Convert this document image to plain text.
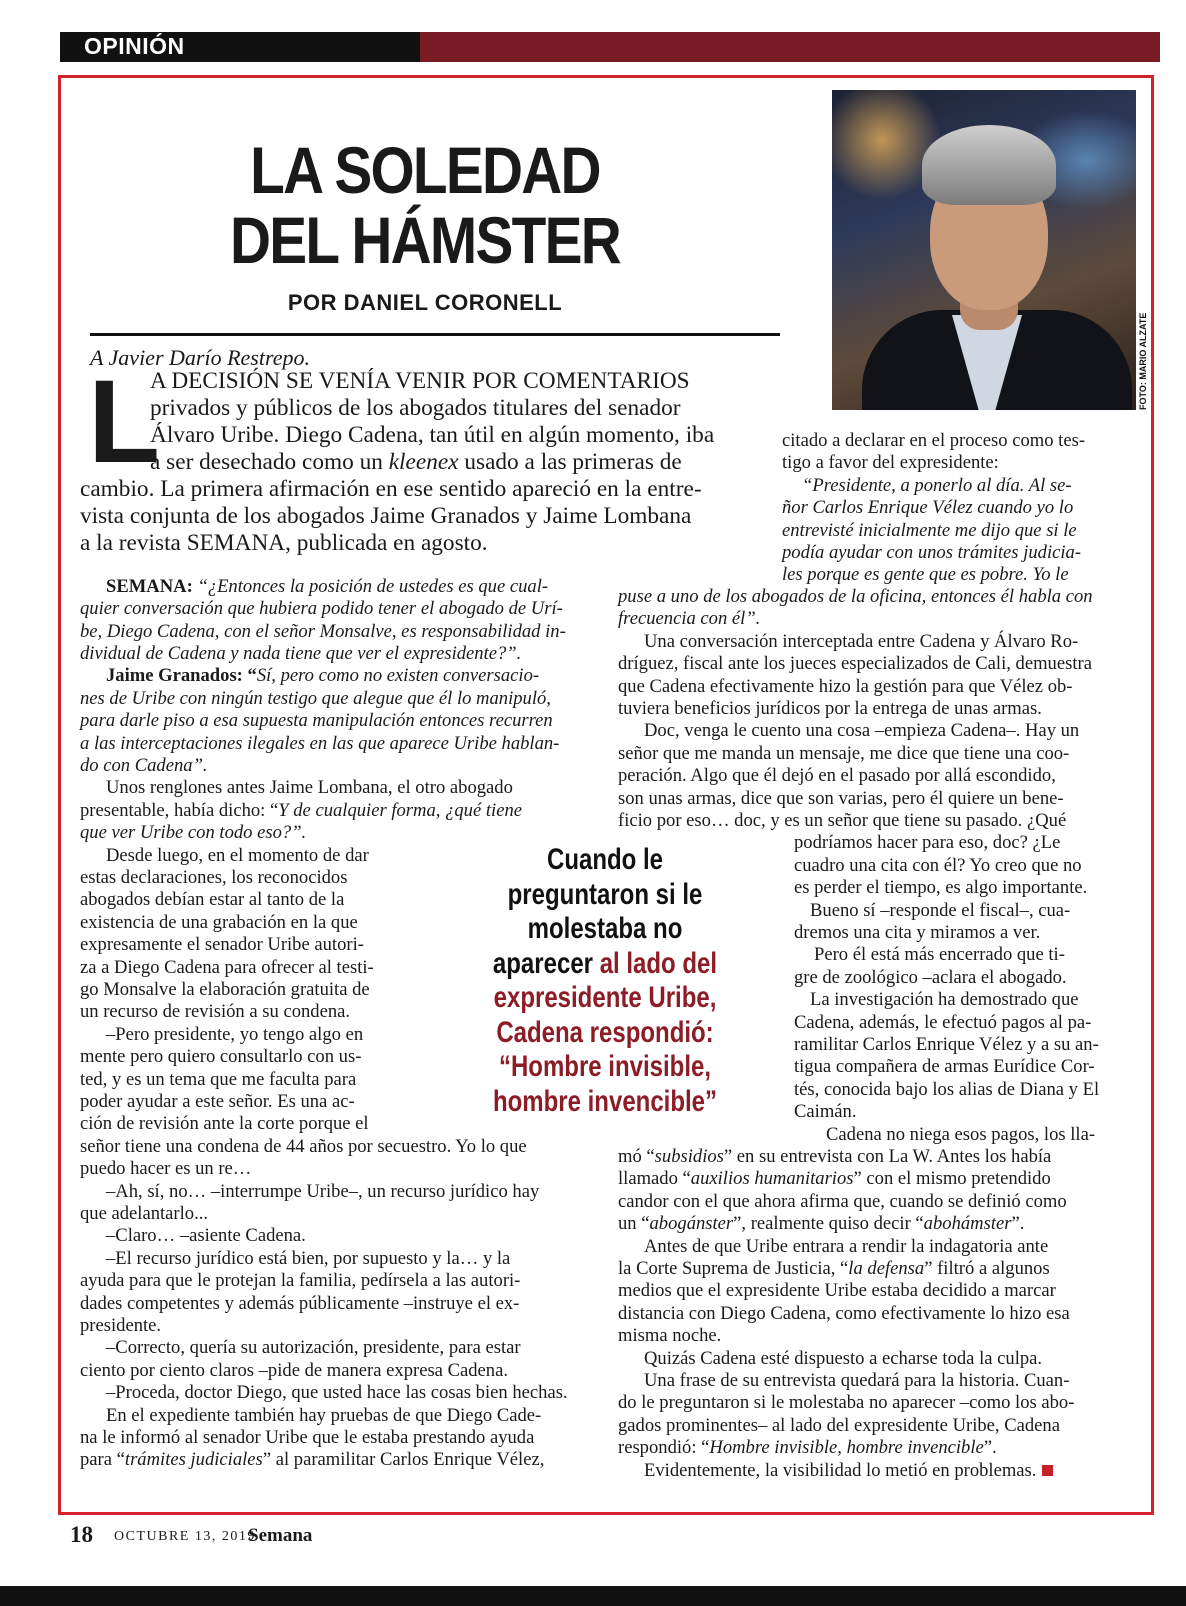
OPINIÓN
LA SOLEDAD
DEL HÁMSTER
POR DANIEL CORONELL
FOTO: MARIO ALZATE
A Javier Darío Restrepo.
L
A DECISIÓN SE VENÍA VENIR POR COMENTARIOS
privados y públicos de los abogados titulares del senador
Álvaro Uribe. Diego Cadena, tan útil en algún momento, iba
a ser desechado como un kleenex usado a las primeras de
cambio. La primera afirmación en ese sentido apareció en la entre-
vista conjunta de los abogados Jaime Granados y Jaime Lombana
a la revista SEMANA, publicada en agosto.
citado a declarar en el proceso como tes-
tigo a favor del expresidente:
“Presidente, a ponerlo al día. Al se-
ñor Carlos Enrique Vélez cuando yo lo
entrevisté inicialmente me dijo que si le
podía ayudar con unos trámites judicia-
les porque es gente que es pobre. Yo le
SEMANA: “¿Entonces la posición de ustedes es que cual-
quier conversación que hubiera podido tener el abogado de Urí-
be, Diego Cadena, con el señor Monsalve, es responsabilidad in-
dividual de Cadena y nada tiene que ver el expresidente?”.
Jaime Granados: “Sí, pero como no existen conversacio-
nes de Uribe con ningún testigo que alegue que él lo manipuló,
para darle piso a esa supuesta manipulación entonces recurren
a las interceptaciones ilegales en las que aparece Uribe hablan-
do con Cadena”.
Unos renglones antes Jaime Lombana, el otro abogado
presentable, había dicho: “Y de cualquier forma, ¿qué tiene
que ver Uribe con todo eso?”.
Desde luego, en el momento de dar
estas declaraciones, los reconocidos
abogados debían estar al tanto de la
existencia de una grabación en la que
expresamente el senador Uribe autori-
za a Diego Cadena para ofrecer al testi-
go Monsalve la elaboración gratuita de
un recurso de revisión a su condena.
–Pero presidente, yo tengo algo en
mente pero quiero consultarlo con us-
ted, y es un tema que me faculta para
poder ayudar a este señor. Es una ac-
ción de revisión ante la corte porque el
señor tiene una condena de 44 años por secuestro. Yo lo que
puedo hacer es un re…
–Ah, sí, no… –interrumpe Uribe–, un recurso jurídico hay
que adelantarlo...
–Claro… –asiente Cadena.
–El recurso jurídico está bien, por supuesto y la… y la
ayuda para que le protejan la familia, pedírsela a las autori-
dades competentes y además públicamente –instruye el ex-
presidente.
–Correcto, quería su autorización, presidente, para estar
ciento por ciento claros –pide de manera expresa Cadena.
–Proceda, doctor Diego, que usted hace las cosas bien hechas.
En el expediente también hay pruebas de que Diego Cade-
na le informó al senador Uribe que le estaba prestando ayuda
para “trámites judiciales” al paramilitar Carlos Enrique Vélez,
puse a uno de los abogados de la oficina, entonces él habla con
frecuencia con él”.
Una conversación interceptada entre Cadena y Álvaro Ro-
dríguez, fiscal ante los jueces especializados de Cali, demuestra
que Cadena efectivamente hizo la gestión para que Vélez ob-
tuviera beneficios jurídicos por la entrega de unas armas.
Doc, venga le cuento una cosa –empieza Cadena–. Hay un
señor que me manda un mensaje, me dice que tiene una coo-
peración. Algo que él dejó en el pasado por allá escondido,
son unas armas, dice que son varias, pero él quiere un bene-
ficio por eso… doc, y es un señor que tiene su pasado. ¿Qué
podríamos hacer para eso, doc? ¿Le
cuadro una cita con él? Yo creo que no
es perder el tiempo, es algo importante.
Bueno sí –responde el fiscal–, cua-
dremos una cita y miramos a ver.
Pero él está más encerrado que ti-
gre de zoológico –aclara el abogado.
La investigación ha demostrado que
Cadena, además, le efectuó pagos al pa-
ramilitar Carlos Enrique Vélez y a su an-
tigua compañera de armas Eurídice Cor-
tés, conocida bajo los alias de Diana y El
Caimán.
Cadena no niega esos pagos, los lla-
mó “subsidios” en su entrevista con La W. Antes los había
llamado “auxilios humanitarios” con el mismo pretendido
candor con el que ahora afirma que, cuando se definió como
un “abogánster”, realmente quiso decir “abohámster”.
Antes de que Uribe entrara a rendir la indagatoria ante
la Corte Suprema de Justicia, “la defensa” filtró a algunos
medios que el expresidente Uribe estaba decidido a marcar
distancia con Diego Cadena, como efectivamente lo hizo esa
misma noche.
Quizás Cadena esté dispuesto a echarse toda la culpa.
Una frase de su entrevista quedará para la historia. Cuan-
do le preguntaron si le molestaba no aparecer –como los abo-
gados prominentes– al lado del expresidente Uribe, Cadena
respondió: “Hombre invisible, hombre invencible”.
Evidentemente, la visibilidad lo metió en problemas.
Cuando le
preguntaron si le
molestaba no
aparecer al lado del
expresidente Uribe,
Cadena respondió:
“Hombre invisible,
hombre invencible”
18 OCTUBRE 13, 2019
Semana
